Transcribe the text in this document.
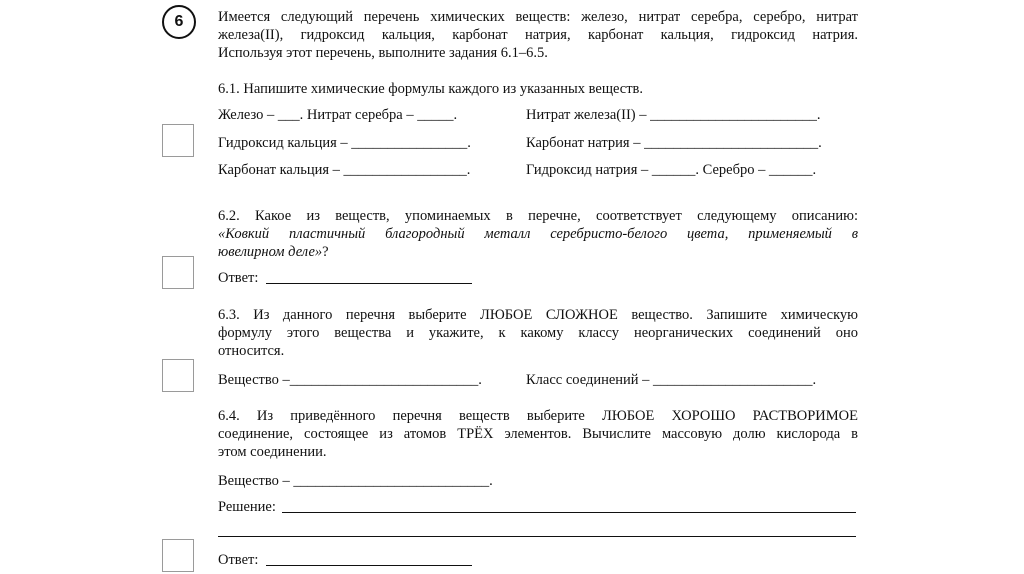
6	Имеется следующий перечень химических веществ: железо, нитрат серебра, серебро, нитрат
железа(II), гидроксид кальция, карбонат натрия, карбонат кальция, гидроксид натрия.
Используя этот перечень, выполните задания 6.1–6.5.
6.1. Напишите химические формулы каждого из указанных веществ.
Железо – ___. Нитрат серебра – _____.	Нитрат железа(II) – _______________________.
Гидроксид кальция – ________________.	Карбонат натрия – ________________________.
Карбонат кальция – _________________.	Гидроксид натрия – ______. Серебро – ______.
6.2. Какое из веществ, упоминаемых в перечне, соответствует следующему описанию:
«Ковкий пластичный благородный металл серебристо-белого цвета, применяемый в
ювелирном деле»?
Ответ:
6.3. Из данного перечня выберите ЛЮБОЕ СЛОЖНОЕ вещество. Запишите химическую
формулу этого вещества и укажите, к какому классу неорганических соединений оно
относится.
Вещество –__________________________.	Класс соединений – ______________________.
6.4. Из приведённого перечня веществ выберите ЛЮБОЕ ХОРОШО РАСТВОРИМОЕ
соединение, состоящее из атомов ТРЁХ элементов. Вычислите массовую долю кислорода в
этом соединении.
Вещество – ___________________________.
Решение:
Ответ:
